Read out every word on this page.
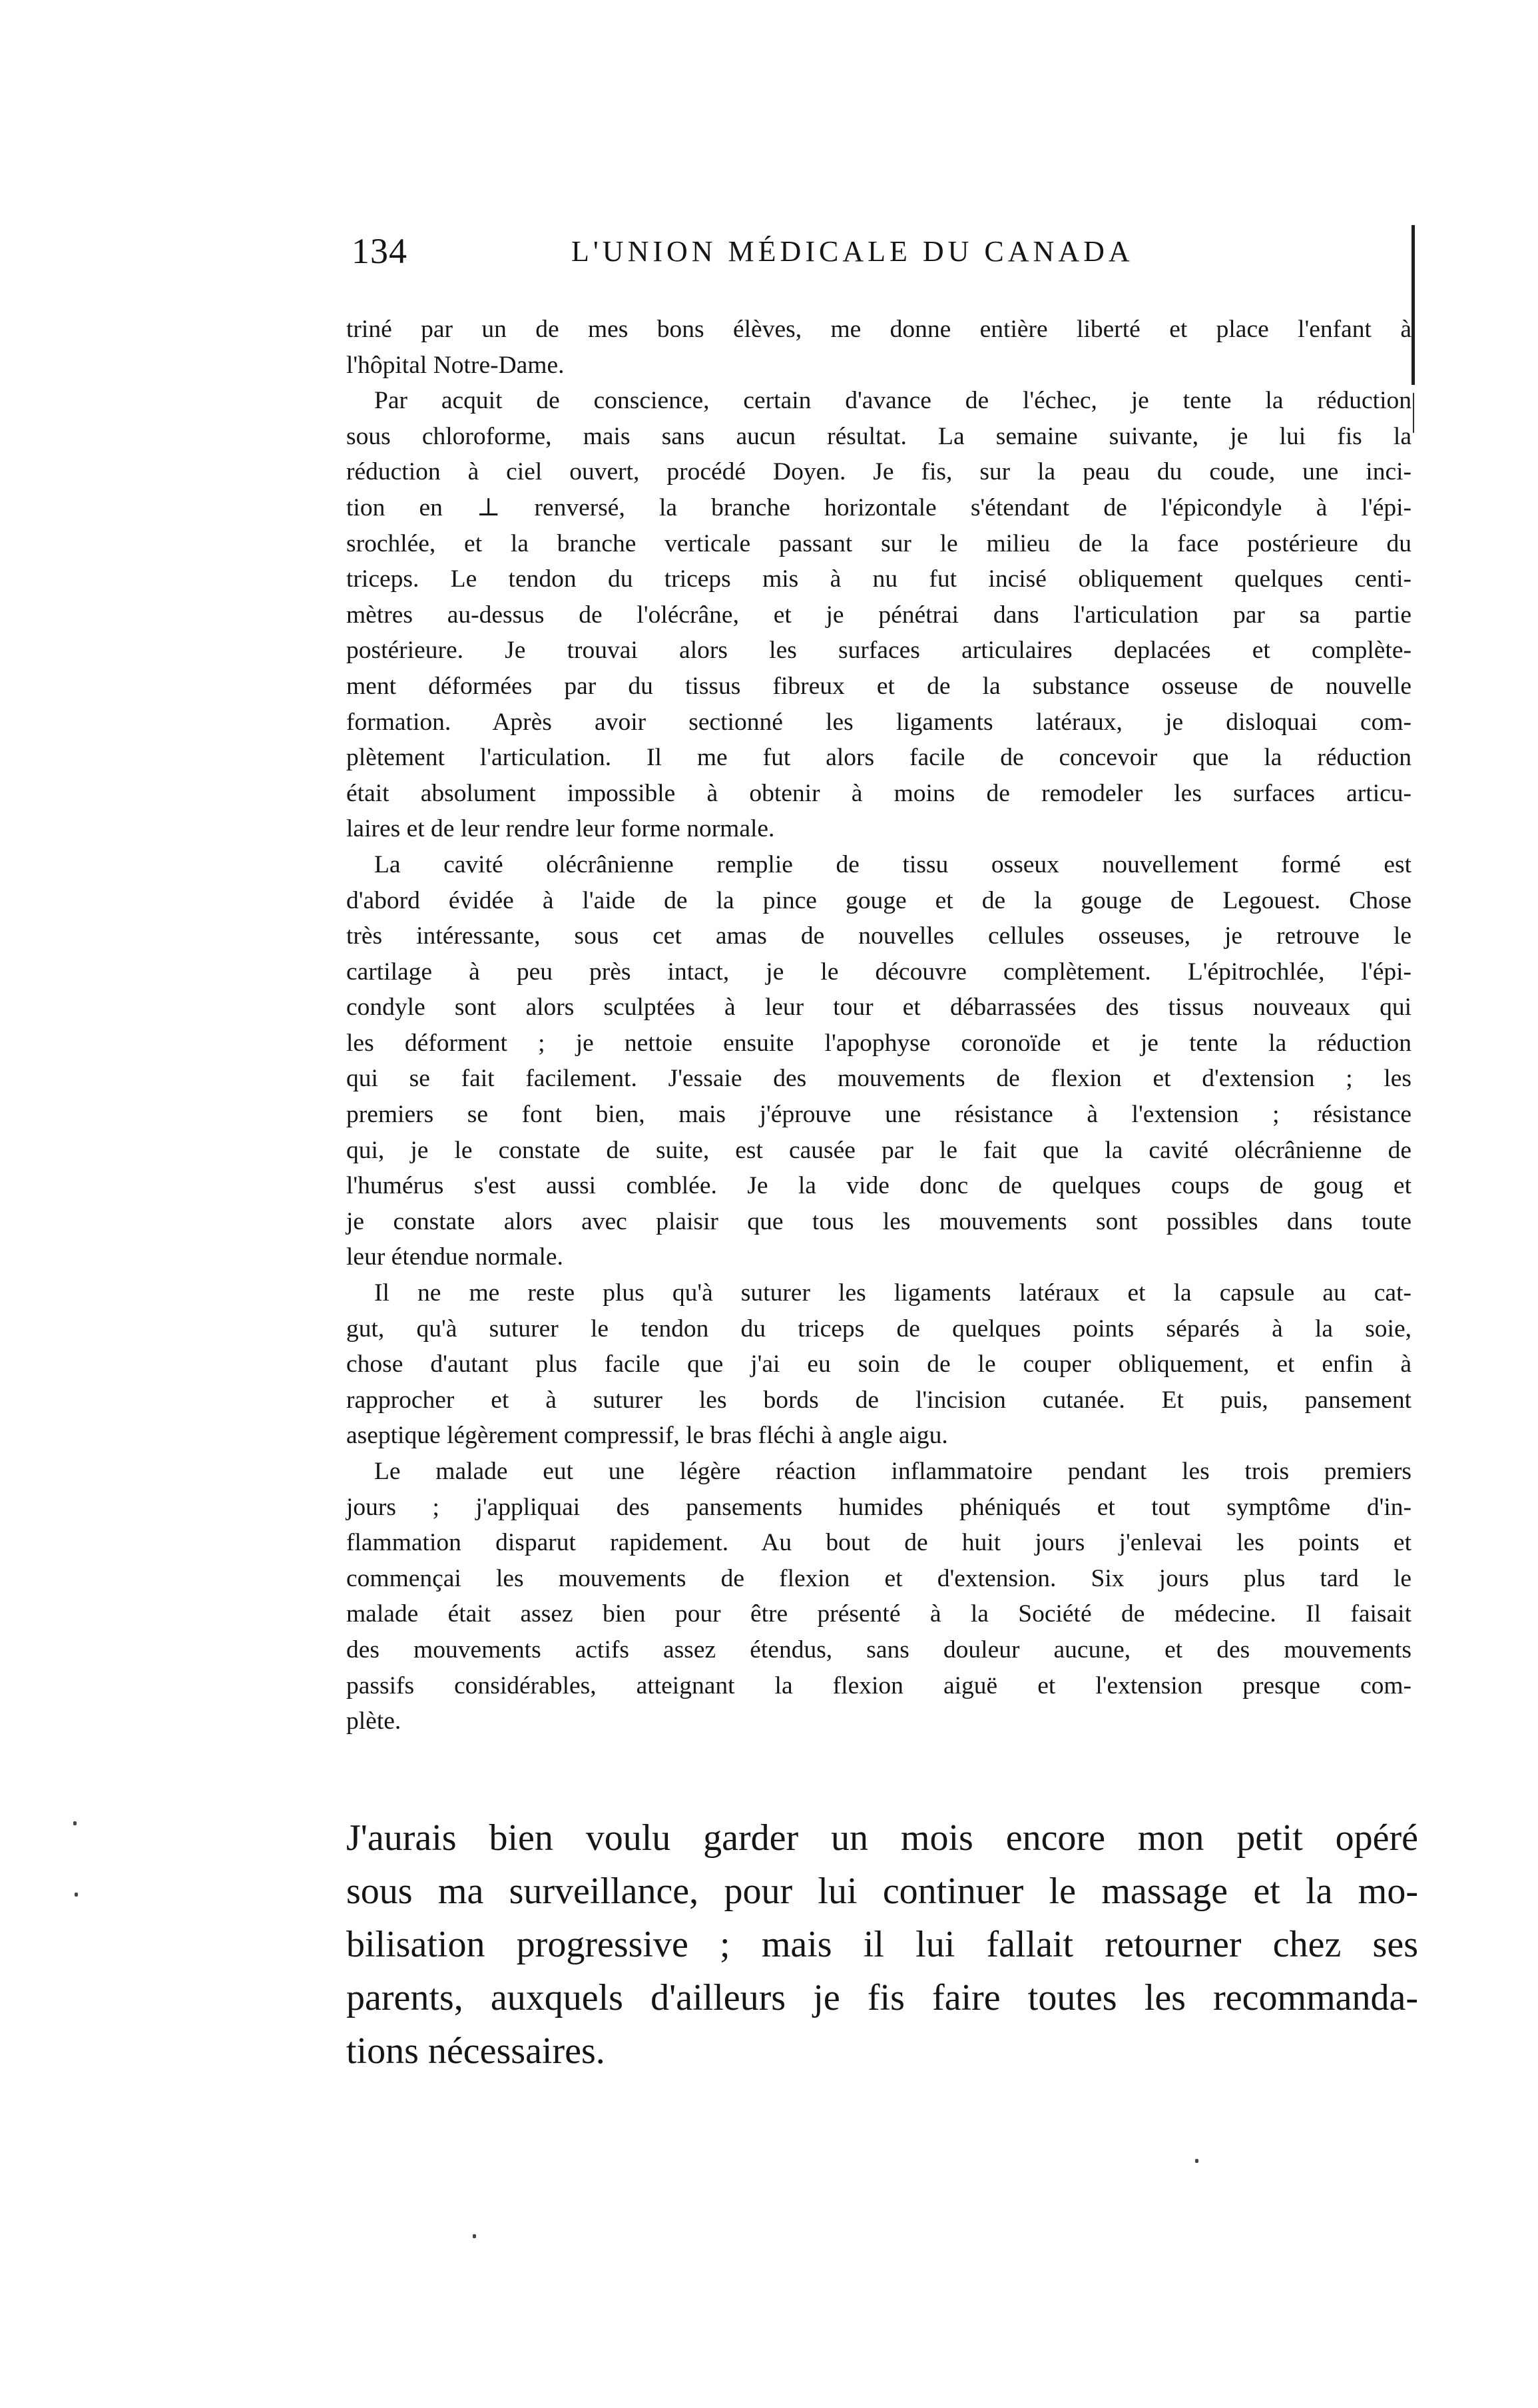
134	L'UNION MÉDICALE DU CANADA
triné par un de mes bons élèves, me donne entière liberté et place l'enfant à
l'hôpital Notre-Dame.
Par acquit de conscience, certain d'avance de l'échec, je tente la réduction
sous chloroforme, mais sans aucun résultat. La semaine suivante, je lui fis la
réduction à ciel ouvert, procédé Doyen. Je fis, sur la peau du coude, une inci-
tion en ⊥ renversé, la branche horizontale s'étendant de l'épicondyle à l'épi-
srochlée, et la branche verticale passant sur le milieu de la face postérieure du
triceps. Le tendon du triceps mis à nu fut incisé obliquement quelques centi-
mètres au-dessus de l'olécrâne, et je pénétrai dans l'articulation par sa partie
postérieure. Je trouvai alors les surfaces articulaires deplacées et complète-
ment déformées par du tissus fibreux et de la substance osseuse de nouvelle
formation. Après avoir sectionné les ligaments latéraux, je disloquai com-
plètement l'articulation. Il me fut alors facile de concevoir que la réduction
était absolument impossible à obtenir à moins de remodeler les surfaces articu-
laires et de leur rendre leur forme normale.
La cavité olécrânienne remplie de tissu osseux nouvellement formé est
d'abord évidée à l'aide de la pince gouge et de la gouge de Legouest. Chose
très intéressante, sous cet amas de nouvelles cellules osseuses, je retrouve le
cartilage à peu près intact, je le découvre complètement. L'épitrochlée, l'épi-
condyle sont alors sculptées à leur tour et débarrassées des tissus nouveaux qui
les déforment ; je nettoie ensuite l'apophyse coronoïde et je tente la réduction
qui se fait facilement. J'essaie des mouvements de flexion et d'extension ; les
premiers se font bien, mais j'éprouve une résistance à l'extension ; résistance
qui, je le constate de suite, est causée par le fait que la cavité olécrânienne de
l'humérus s'est aussi comblée. Je la vide donc de quelques coups de goug et
je constate alors avec plaisir que tous les mouvements sont possibles dans toute
leur étendue normale.
Il ne me reste plus qu'à suturer les ligaments latéraux et la capsule au cat-
gut, qu'à suturer le tendon du triceps de quelques points séparés à la soie,
chose d'autant plus facile que j'ai eu soin de le couper obliquement, et enfin à
rapprocher et à suturer les bords de l'incision cutanée. Et puis, pansement
aseptique légèrement compressif, le bras fléchi à angle aigu.
Le malade eut une légère réaction inflammatoire pendant les trois premiers
jours ; j'appliquai des pansements humides phéniqués et tout symptôme d'in-
flammation disparut rapidement. Au bout de huit jours j'enlevai les points et
commençai les mouvements de flexion et d'extension. Six jours plus tard le
malade était assez bien pour être présenté à la Société de médecine. Il faisait
des mouvements actifs assez étendus, sans douleur aucune, et des mouvements
passifs considérables, atteignant la flexion aiguë et l'extension presque com-
plète.
J'aurais bien voulu garder un mois encore mon petit opéré
sous ma surveillance, pour lui continuer le massage et la mo-
bilisation progressive ; mais il lui fallait retourner chez ses
parents, auxquels d'ailleurs je fis faire toutes les recommanda-
tions nécessaires.
